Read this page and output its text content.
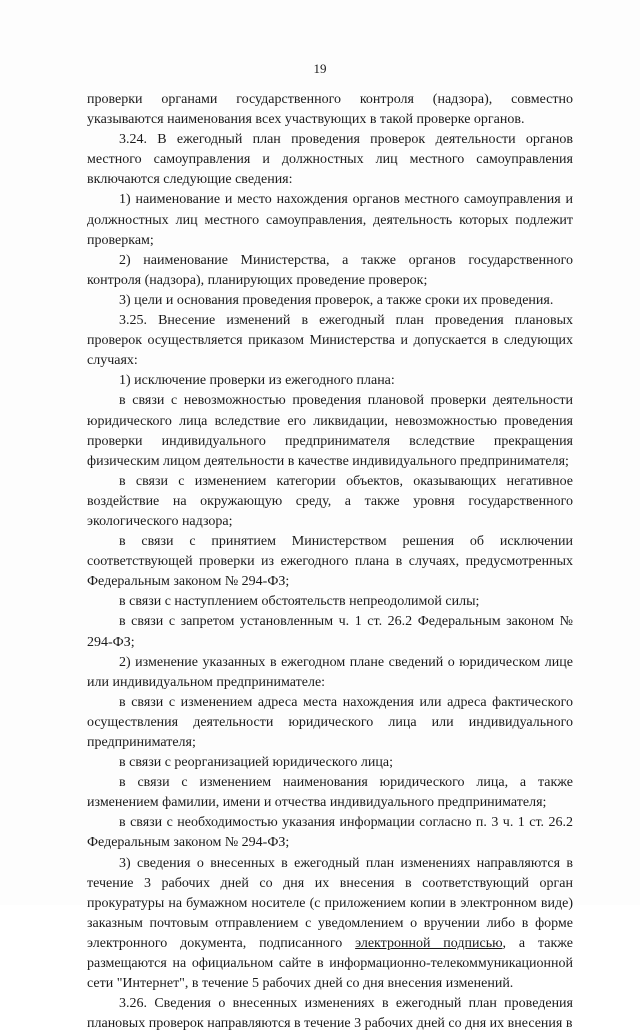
19

проверки органами государственного контроля (надзора), совместно указываются наименования всех участвующих в такой проверке органов.

3.24. В ежегодный план проведения проверок деятельности органов местного самоуправления и должностных лиц местного самоуправления включаются следующие сведения:

1) наименование и место нахождения органов местного самоуправления и должностных лиц местного самоуправления, деятельность которых подлежит проверкам;

2) наименование Министерства, а также органов государственного контроля (надзора), планирующих проведение проверок;

3) цели и основания проведения проверок, а также сроки их проведения.

3.25. Внесение изменений в ежегодный план проведения плановых проверок осуществляется приказом Министерства и допускается в следующих случаях:

1) исключение проверки из ежегодного плана:

в связи с невозможностью проведения плановой проверки деятельности юридического лица вследствие его ликвидации, невозможностью проведения проверки индивидуального предпринимателя вследствие прекращения физическим лицом деятельности в качестве индивидуального предпринимателя;

в связи с изменением категории объектов, оказывающих негативное воздействие на окружающую среду, а также уровня государственного экологического надзора;

в связи с принятием Министерством решения об исключении соответствующей проверки из ежегодного плана в случаях, предусмотренных Федеральным законом № 294-ФЗ;

в связи с наступлением обстоятельств непреодолимой силы;

в связи с запретом установленным ч. 1 ст. 26.2 Федеральным законом № 294-ФЗ;

2) изменение указанных в ежегодном плане сведений о юридическом лице или индивидуальном предпринимателе:

в связи с изменением адреса места нахождения или адреса фактического осуществления деятельности юридического лица или индивидуального предпринимателя;

в связи с реорганизацией юридического лица;

в связи с изменением наименования юридического лица, а также изменением фамилии, имени и отчества индивидуального предпринимателя;

в связи с необходимостью указания информации согласно п. 3 ч. 1 ст. 26.2 Федеральным законом № 294-ФЗ;

3) сведения о внесенных в ежегодный план изменениях направляются в течение 3 рабочих дней со дня их внесения в соответствующий орган прокуратуры на бумажном носителе (с приложением копии в электронном виде) заказным почтовым отправлением с уведомлением о вручении либо в форме электронного документа, подписанного электронной подписью, а также размещаются на официальном сайте в информационно-телекоммуникационной сети "Интернет", в течение 5 рабочих дней со дня внесения изменений.

3.26. Сведения о внесенных изменениях в ежегодный план проведения плановых проверок направляются в течение 3 рабочих дней со дня их внесения в
